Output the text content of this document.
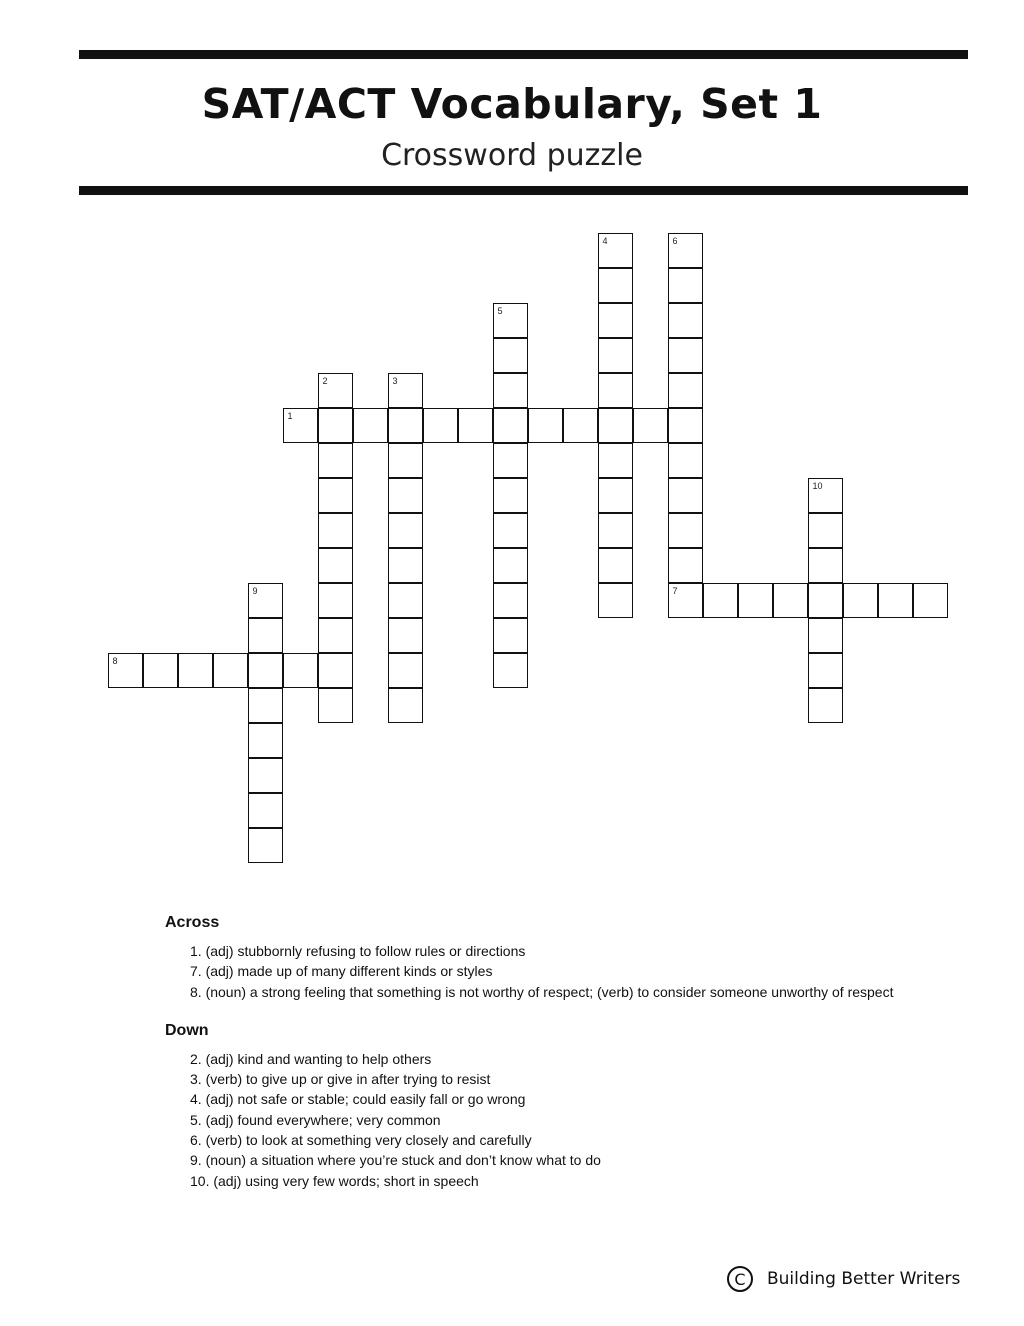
SAT/ACT Vocabulary, Set 1
Crossword puzzle
1
7
8
2	3
4
5
6
9
10
Across
1. (adj) stubbornly refusing to follow rules or directions
7. (adj) made up of many different kinds or styles
8. (noun) a strong feeling that something is not worthy of respect; (verb) to consider someone unworthy of respect
Down
2. (adj) kind and wanting to help others
3. (verb) to give up or give in after trying to resist
4. (adj) not safe or stable; could easily fall or go wrong
5. (adj) found everywhere; very common
6. (verb) to look at something very closely and carefully
9. (noun) a situation where you’re stuck and don’t know what to do
10. (adj) using very few words; short in speech
C	Building Better Writers
